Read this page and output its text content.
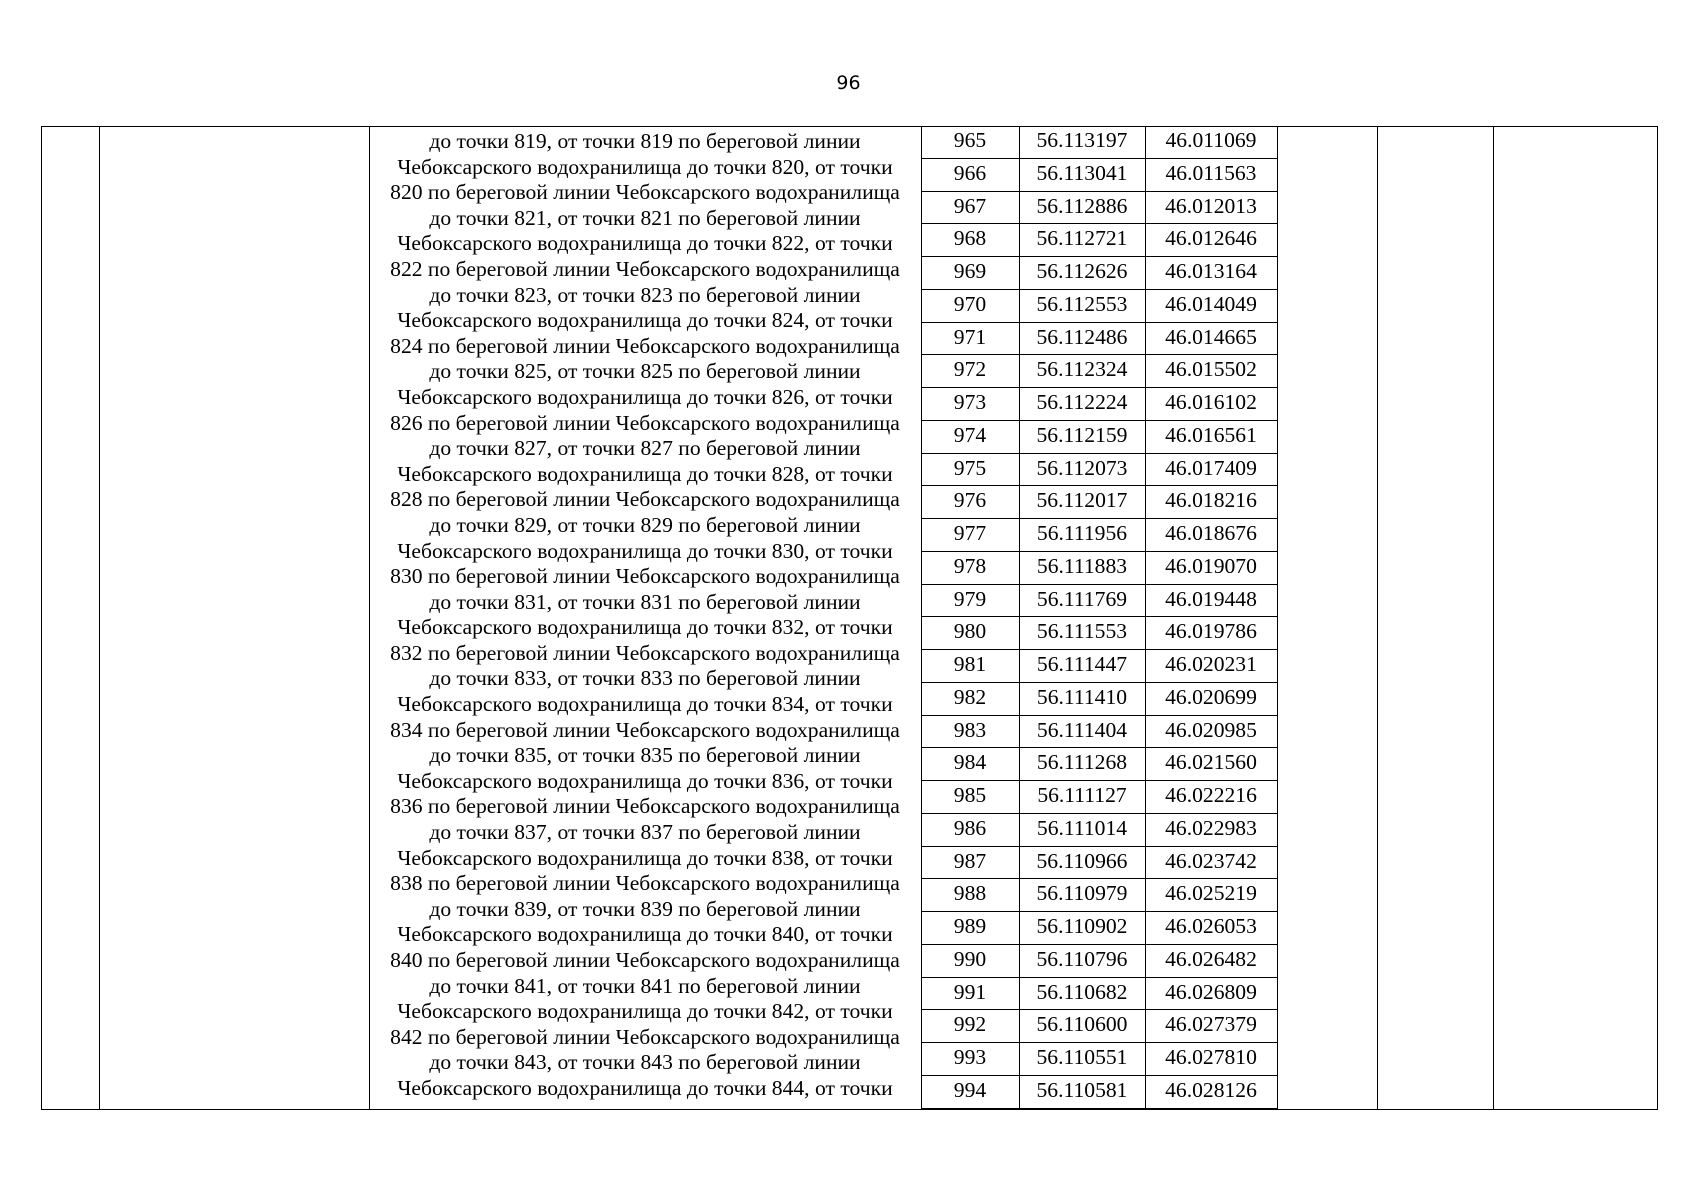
96
до точки 819, от точки 819 по береговой линии
Чебоксарского водохранилища до точки 820, от точки
820 по береговой линии Чебоксарского водохранилища
до точки 821, от точки 821 по береговой линии
Чебоксарского водохранилища до точки 822, от точки
822 по береговой линии Чебоксарского водохранилища
до точки 823, от точки 823 по береговой линии
Чебоксарского водохранилища до точки 824, от точки
824 по береговой линии Чебоксарского водохранилища
до точки 825, от точки 825 по береговой линии
Чебоксарского водохранилища до точки 826, от точки
826 по береговой линии Чебоксарского водохранилища
до точки 827, от точки 827 по береговой линии
Чебоксарского водохранилища до точки 828, от точки
828 по береговой линии Чебоксарского водохранилища
до точки 829, от точки 829 по береговой линии
Чебоксарского водохранилища до точки 830, от точки
830 по береговой линии Чебоксарского водохранилища
до точки 831, от точки 831 по береговой линии
Чебоксарского водохранилища до точки 832, от точки
832 по береговой линии Чебоксарского водохранилища
до точки 833, от точки 833 по береговой линии
Чебоксарского водохранилища до точки 834, от точки
834 по береговой линии Чебоксарского водохранилища
до точки 835, от точки 835 по береговой линии
Чебоксарского водохранилища до точки 836, от точки
836 по береговой линии Чебоксарского водохранилища
до точки 837, от точки 837 по береговой линии
Чебоксарского водохранилища до точки 838, от точки
838 по береговой линии Чебоксарского водохранилища
до точки 839, от точки 839 по береговой линии
Чебоксарского водохранилища до точки 840, от точки
840 по береговой линии Чебоксарского водохранилища
до точки 841, от точки 841 по береговой линии
Чебоксарского водохранилища до точки 842, от точки
842 по береговой линии Чебоксарского водохранилища
до точки 843, от точки 843 по береговой линии
Чебоксарского водохранилища до точки 844, от точки
965	56.113197	46.011069
966	56.113041	46.011563
967	56.112886	46.012013
968	56.112721	46.012646
969	56.112626	46.013164
970	56.112553	46.014049
971	56.112486	46.014665
972	56.112324	46.015502
973	56.112224	46.016102
974	56.112159	46.016561
975	56.112073	46.017409
976	56.112017	46.018216
977	56.111956	46.018676
978	56.111883	46.019070
979	56.111769	46.019448
980	56.111553	46.019786
981	56.111447	46.020231
982	56.111410	46.020699
983	56.111404	46.020985
984	56.111268	46.021560
985	56.111127	46.022216
986	56.111014	46.022983
987	56.110966	46.023742
988	56.110979	46.025219
989	56.110902	46.026053
990	56.110796	46.026482
991	56.110682	46.026809
992	56.110600	46.027379
993	56.110551	46.027810
994	56.110581	46.028126
